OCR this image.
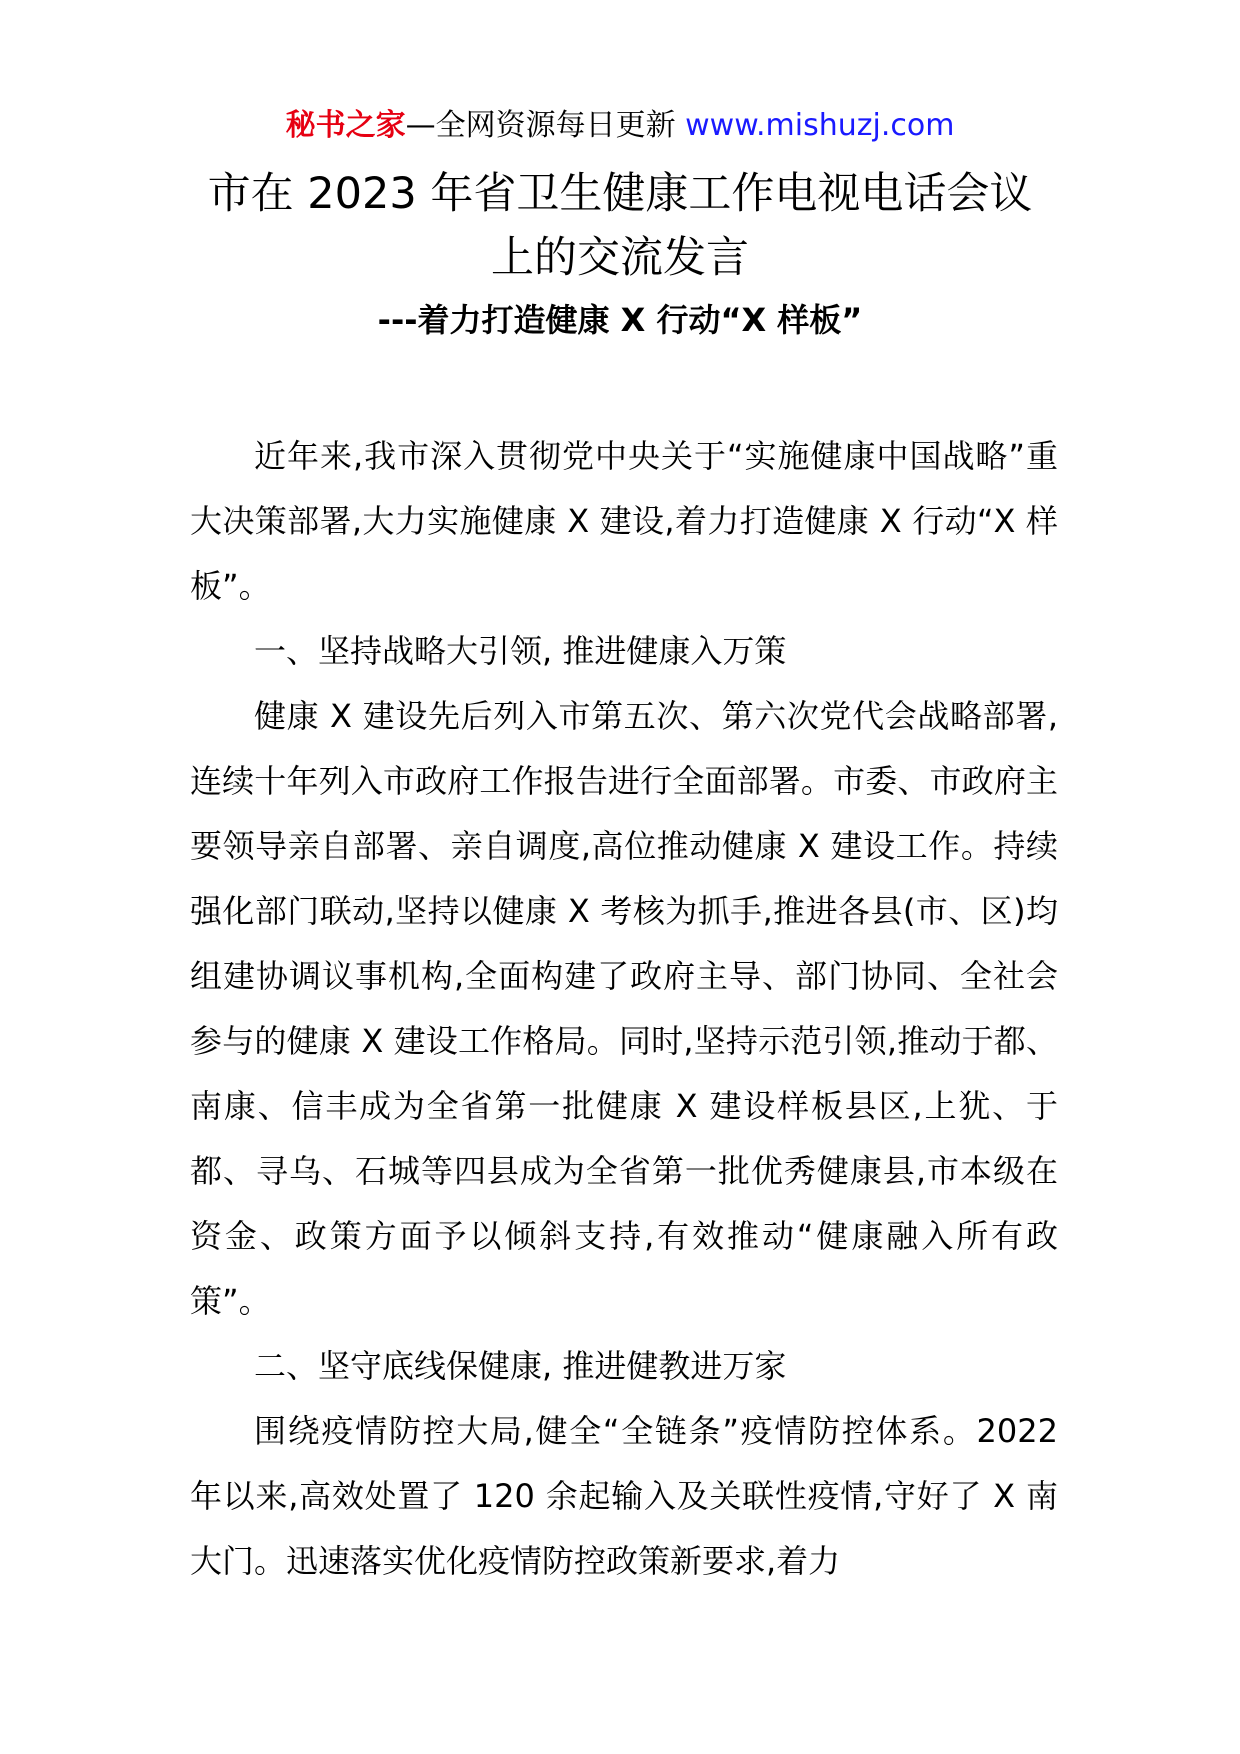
秘书之家—全网资源每日更新 www.mishuzj.com
市在 2023 年省卫生健康工作电视电话会议
上的交流发言
---着力打造健康 X 行动“X 样板”

近年来,我市深入贯彻党中央关于“实施健康中国战略”重大决策部署,大力实施健康 X 建设,着力打造健康 X 行动“X 样板”。

一、坚持战略大引领, 推进健康入万策

健康 X 建设先后列入市第五次、第六次党代会战略部署,连续十年列入市政府工作报告进行全面部署。市委、市政府主要领导亲自部署、亲自调度,高位推动健康 X 建设工作。持续强化部门联动,坚持以健康 X 考核为抓手,推进各县(市、区)均组建协调议事机构,全面构建了政府主导、部门协同、全社会参与的健康 X 建设工作格局。同时,坚持示范引领,推动于都、南康、信丰成为全省第一批健康 X 建设样板县区,上犹、于都、寻乌、石城等四县成为全省第一批优秀健康县,市本级在资金、政策方面予以倾斜支持,有效推动“健康融入所有政策”。

二、坚守底线保健康, 推进健教进万家

围绕疫情防控大局,健全“全链条”疫情防控体系。2022 年以来,高效处置了 120 余起输入及关联性疫情,守好了 X 南大门。迅速落实优化疫情防控政策新要求,着力
